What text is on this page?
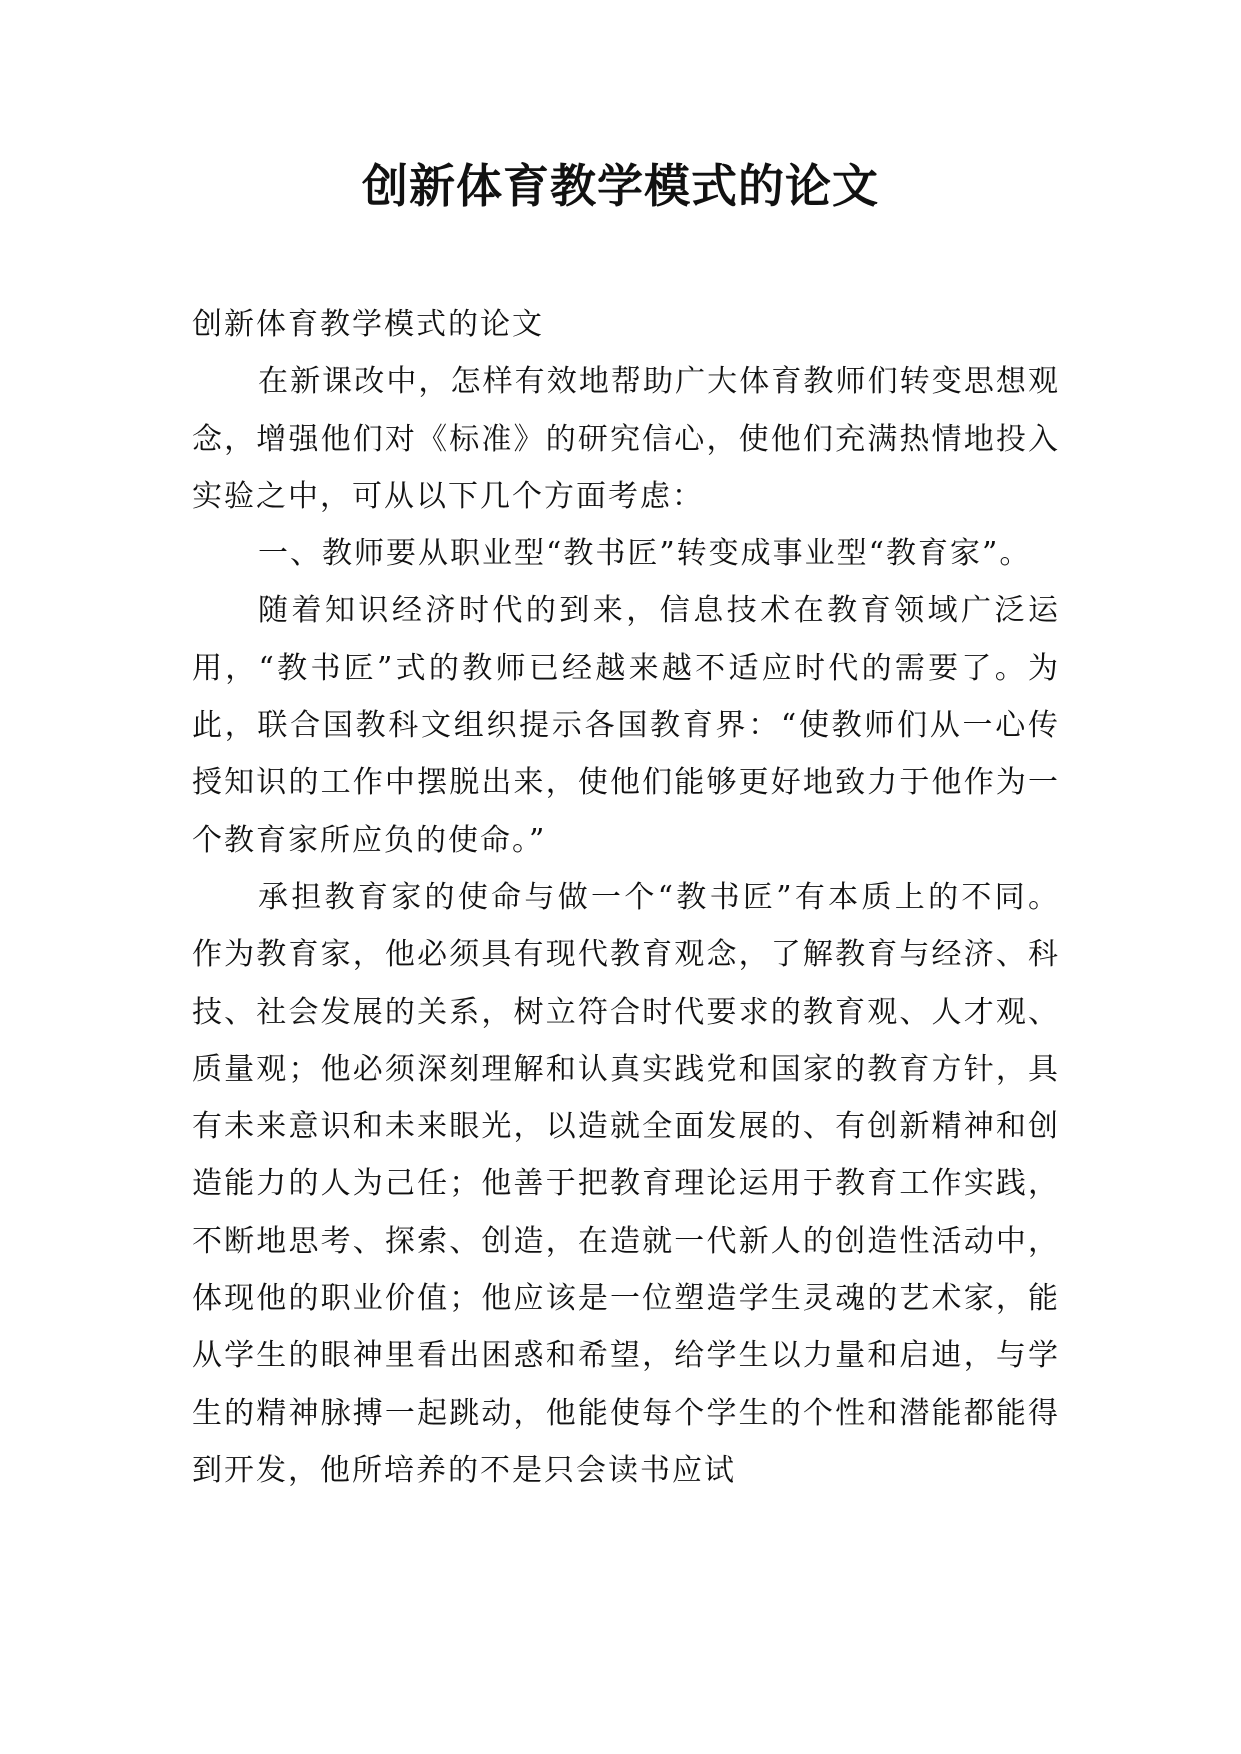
创新体育教学模式的论文

创新体育教学模式的论文

在新课改中，怎样有效地帮助广大体育教师们转变思想观念，增强他们对《标准》的研究信心，使他们充满热情地投入实验之中，可从以下几个方面考虑：

一、教师要从职业型“教书匠”转变成事业型“教育家”。

随着知识经济时代的到来，信息技术在教育领域广泛运用，“教书匠”式的教师已经越来越不适应时代的需要了。为此，联合国教科文组织提示各国教育界：“使教师们从一心传授知识的工作中摆脱出来，使他们能够更好地致力于他作为一个教育家所应负的使命。”

承担教育家的使命与做一个“教书匠”有本质上的不同。作为教育家，他必须具有现代教育观念，了解教育与经济、科技、社会发展的关系，树立符合时代要求的教育观、人才观、质量观；他必须深刻理解和认真实践党和国家的教育方针，具有未来意识和未来眼光，以造就全面发展的、有创新精神和创造能力的人为己任；他善于把教育理论运用于教育工作实践，不断地思考、探索、创造，在造就一代新人的创造性活动中，体现他的职业价值；他应该是一位塑造学生灵魂的艺术家，能从学生的眼神里看出困惑和希望，给学生以力量和启迪，与学生的精神脉搏一起跳动，他能使每个学生的个性和潜能都能得到开发，他所培养的不是只会读书应试
